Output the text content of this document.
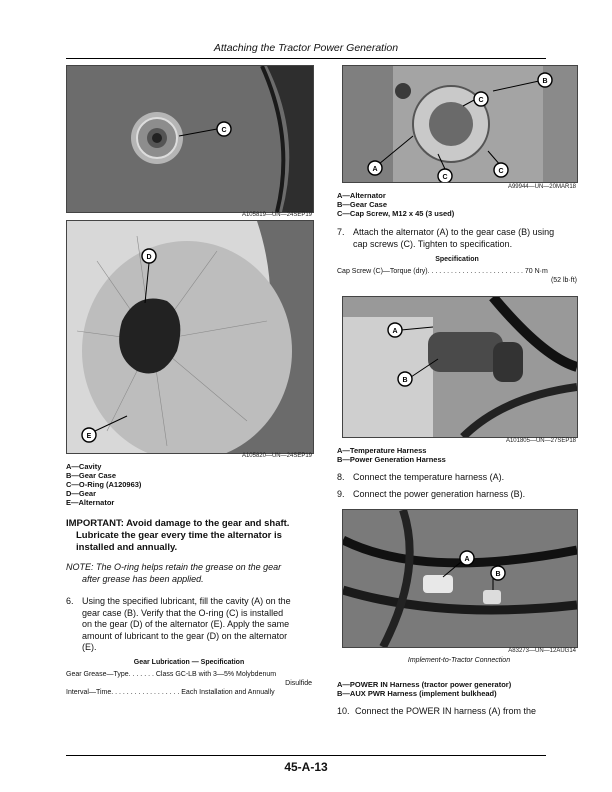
Attaching the Tractor Power Generation
C
A105819—UN—24SEP19
D
E
A105820—UN—24SEP19
A—Cavity
B—Gear Case
C—O-Ring (A120963)
D—Gear
E—Alternator
IMPORTANT: Avoid damage to the gear and shaft.
Lubricate the gear every time the alternator is
installed and annually.
NOTE: The O-ring helps retain the grease on the gear
after grease has been applied.
6. Using the specified lubricant, fill the cavity (A) on the
gear case (B). Verify that the O-ring (C) is installed
on the gear (D) of the alternator (E). Apply the same
amount of lubricant to the gear (D) on the alternator
(E).
Gear Lubrication — Specification
Gear Grease—Type. . . . . . . Class GC-LB with 3—5% Molybdenum
Disulfide
Interval—Time. . . . . . . . . . . . . . . . . . Each Installation and Annually
B
C
A
C
C
A99944—UN—20MAR18
A—Alternator
B—Gear Case
C—Cap Screw, M12 x 45 (3 used)
7. Attach the alternator (A) to the gear case (B) using
cap screws (C). Tighten to specification.
Specification
Cap Screw (C)—Torque (dry). . . . . . . . . . . . . . . . . . . . . . . . . 70 N·m
(52 lb·ft)
A
B
A101805—UN—27SEP18
A—Temperature Harness
B—Power Generation Harness
8. Connect the temperature harness (A).
9. Connect the power generation harness (B).
A
B
A83273—UN—12AUG14
Implement-to-Tractor Connection
A—POWER IN Harness (tractor power generator)
B—AUX PWR Harness (implement bulkhead)
10. Connect the POWER IN harness (A) from the
45-A-13
